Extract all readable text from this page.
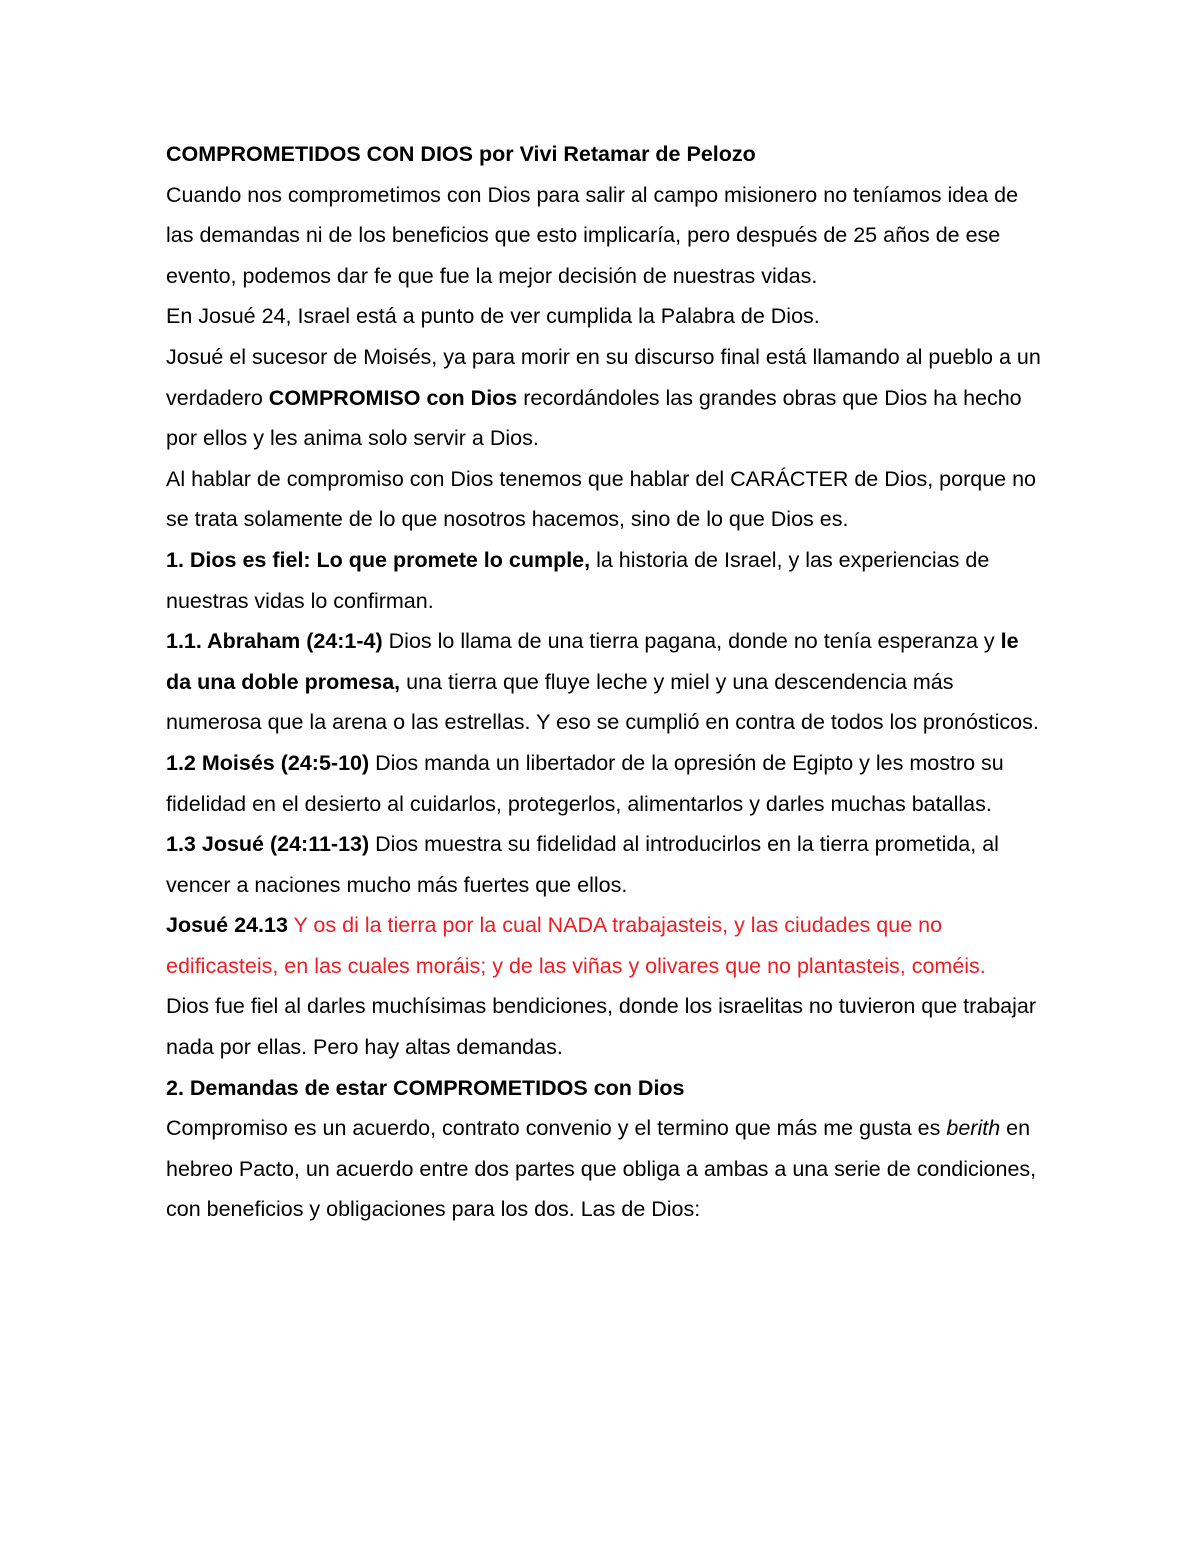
COMPROMETIDOS CON DIOS por Vivi Retamar de Pelozo

Cuando nos comprometimos con Dios para salir al campo misionero no teníamos idea de las demandas ni de los beneficios que esto implicaría, pero después de 25 años de ese evento, podemos dar fe que fue la mejor decisión de nuestras vidas.

En Josué 24, Israel está a punto de ver cumplida la Palabra de Dios.

Josué el sucesor de Moisés, ya para morir en su discurso final está llamando al pueblo a un verdadero COMPROMISO con Dios recordándoles las grandes obras que Dios ha hecho por ellos y les anima solo servir a Dios.

Al hablar de compromiso con Dios tenemos que hablar del CARÁCTER de Dios, porque no se trata solamente de lo que nosotros hacemos, sino de lo que Dios es.

1. Dios es fiel: Lo que promete lo cumple, la historia de Israel, y las experiencias de nuestras vidas lo confirman.

1.1. Abraham (24:1-4) Dios lo llama de una tierra pagana, donde no tenía esperanza y le da una doble promesa, una tierra que fluye leche y miel y una descendencia más numerosa que la arena o las estrellas. Y eso se cumplió en contra de todos los pronósticos.

1.2 Moisés (24:5-10) Dios manda un libertador de la opresión de Egipto y les mostro su fidelidad en el desierto al cuidarlos, protegerlos, alimentarlos y darles muchas batallas.

1.3 Josué (24:11-13) Dios muestra su fidelidad al introducirlos en la tierra prometida, al vencer a naciones mucho más fuertes que ellos.

Josué 24.13 Y os di la tierra por la cual NADA trabajasteis, y las ciudades que no edificasteis, en las cuales moráis; y de las viñas y olivares que no plantasteis, coméis.

Dios fue fiel al darles muchísimas bendiciones, donde los israelitas no tuvieron que trabajar nada por ellas. Pero hay altas demandas.

2. Demandas de estar COMPROMETIDOS con Dios

Compromiso es un acuerdo, contrato convenio y el termino que más me gusta es berith en hebreo Pacto, un acuerdo entre dos partes que obliga a ambas a una serie de condiciones, con beneficios y obligaciones para los dos. Las de Dios:
